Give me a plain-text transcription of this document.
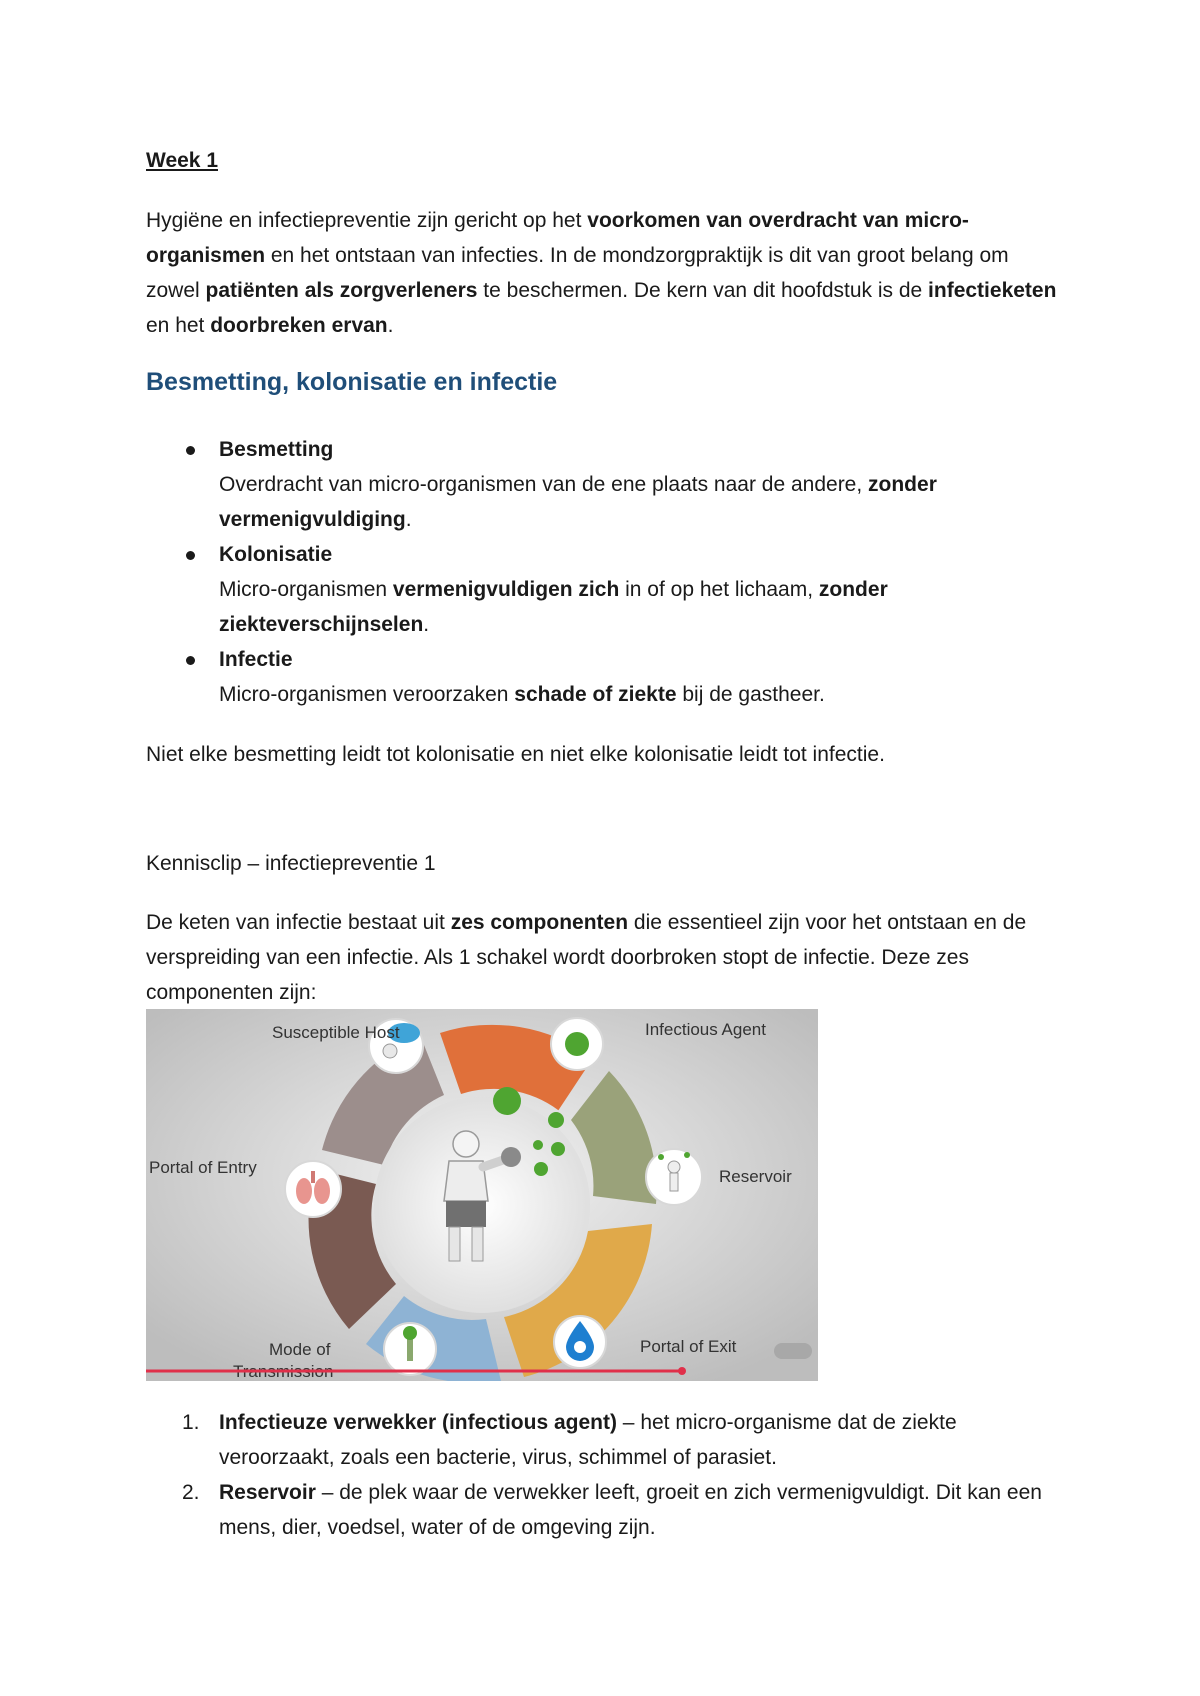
Week 1
Hygiëne en infectiepreventie zijn gericht op het voorkomen van overdracht van micro-organismen en het ontstaan van infecties. In de mondzorgpraktijk is dit van groot belang om zowel patiënten als zorgverleners te beschermen. De kern van dit hoofdstuk is de infectieketen en het doorbreken ervan.
Besmetting, kolonisatie en infectie
Besmetting
Overdracht van micro-organismen van de ene plaats naar de andere, zonder vermenigvuldiging.
Kolonisatie
Micro-organismen vermenigvuldigen zich in of op het lichaam, zonder ziekteverschijnselen.
Infectie
Micro-organismen veroorzaken schade of ziekte bij de gastheer.
Niet elke besmetting leidt tot kolonisatie en niet elke kolonisatie leidt tot infectie.
Kennisclip – infectiepreventie 1
De keten van infectie bestaat uit zes componenten die essentieel zijn voor het ontstaan en de verspreiding van een infectie. Als 1 schakel wordt doorbroken stopt de infectie. Deze zes componenten zijn:
Susceptible Host	Infectious Agent
Portal of Entry	Reservoir
Mode of
Transmission
Portal of Exit
1. Infectieuze verwekker (infectious agent) – het micro-organisme dat de ziekte veroorzaakt, zoals een bacterie, virus, schimmel of parasiet.
2. Reservoir – de plek waar de verwekker leeft, groeit en zich vermenigvuldigt. Dit kan een mens, dier, voedsel, water of de omgeving zijn.
